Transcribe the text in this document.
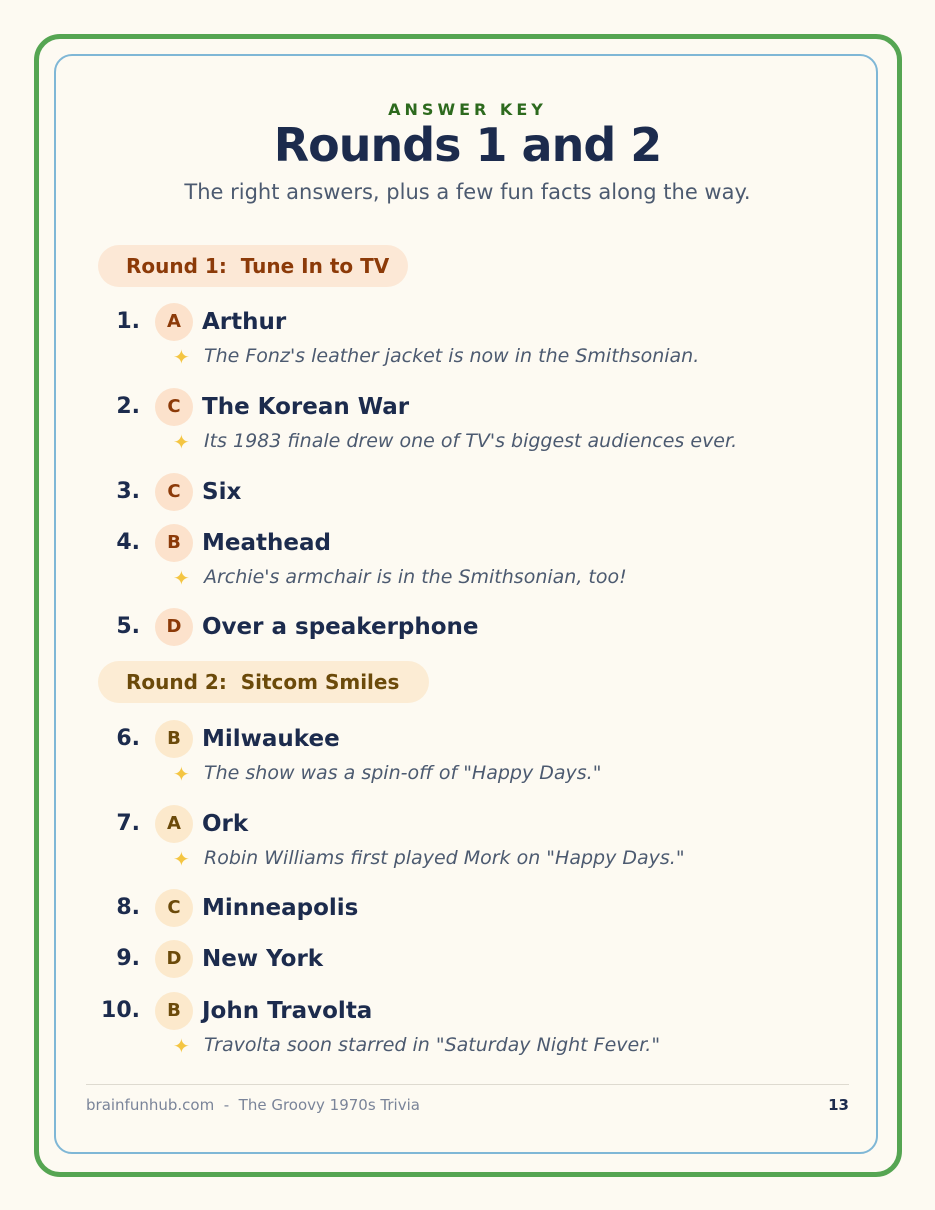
ANSWER KEY
Rounds 1 and 2
The right answers, plus a few fun facts along the way.
Round 1:  Tune In to TV
1.	A Arthur
✦ The Fonz's leather jacket is now in the Smithsonian.
2.	C The Korean War
✦ Its 1983 finale drew one of TV's biggest audiences ever.
3.	C Six
4.	B Meathead
✦ Archie's armchair is in the Smithsonian, too!
5.	D Over a speakerphone
Round 2:  Sitcom Smiles
6.	B Milwaukee
✦ The show was a spin-off of "Happy Days."
7.	A Ork
✦ Robin Williams first played Mork on "Happy Days."
8.	C Minneapolis
9.	D New York
10.	B John Travolta
✦ Travolta soon starred in "Saturday Night Fever."
brainfunhub.com  -  The Groovy 1970s Trivia	13
